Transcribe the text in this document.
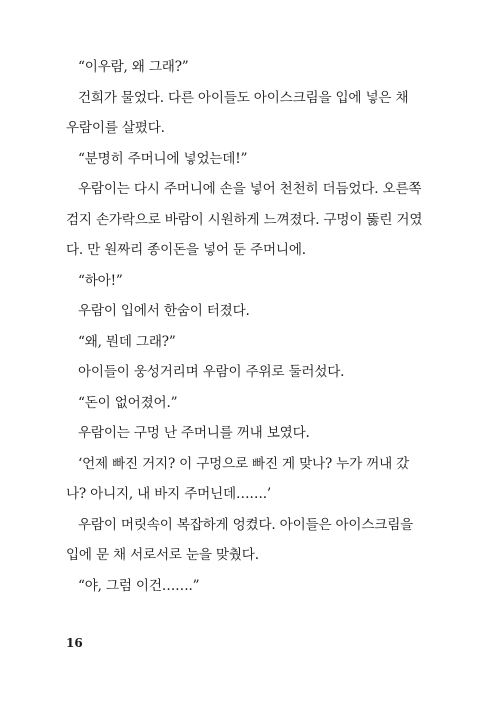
“이우람, 왜 그래?”
건희가 물었다. 다른 아이들도 아이스크림을 입에 넣은 채
우람이를 살폈다.
“분명히 주머니에 넣었는데!”
우람이는 다시 주머니에 손을 넣어 천천히 더듬었다. 오른쪽
검지 손가락으로 바람이 시원하게 느껴졌다. 구멍이 뚫린 거였
다. 만 원짜리 종이돈을 넣어 둔 주머니에.
“하아!”
우람이 입에서 한숨이 터졌다.
“왜, 뭔데 그래?”
아이들이 웅성거리며 우람이 주위로 둘러섰다.
“돈이 없어졌어.”
우람이는 구멍 난 주머니를 꺼내 보였다.
‘언제 빠진 거지? 이 구멍으로 빠진 게 맞나? 누가 꺼내 갔
나? 아니지, 내 바지 주머닌데…….’
우람이 머릿속이 복잡하게 엉켰다. 아이들은 아이스크림을
입에 문 채 서로서로 눈을 맞췄다.
“야, 그럼 이건…….”
16
